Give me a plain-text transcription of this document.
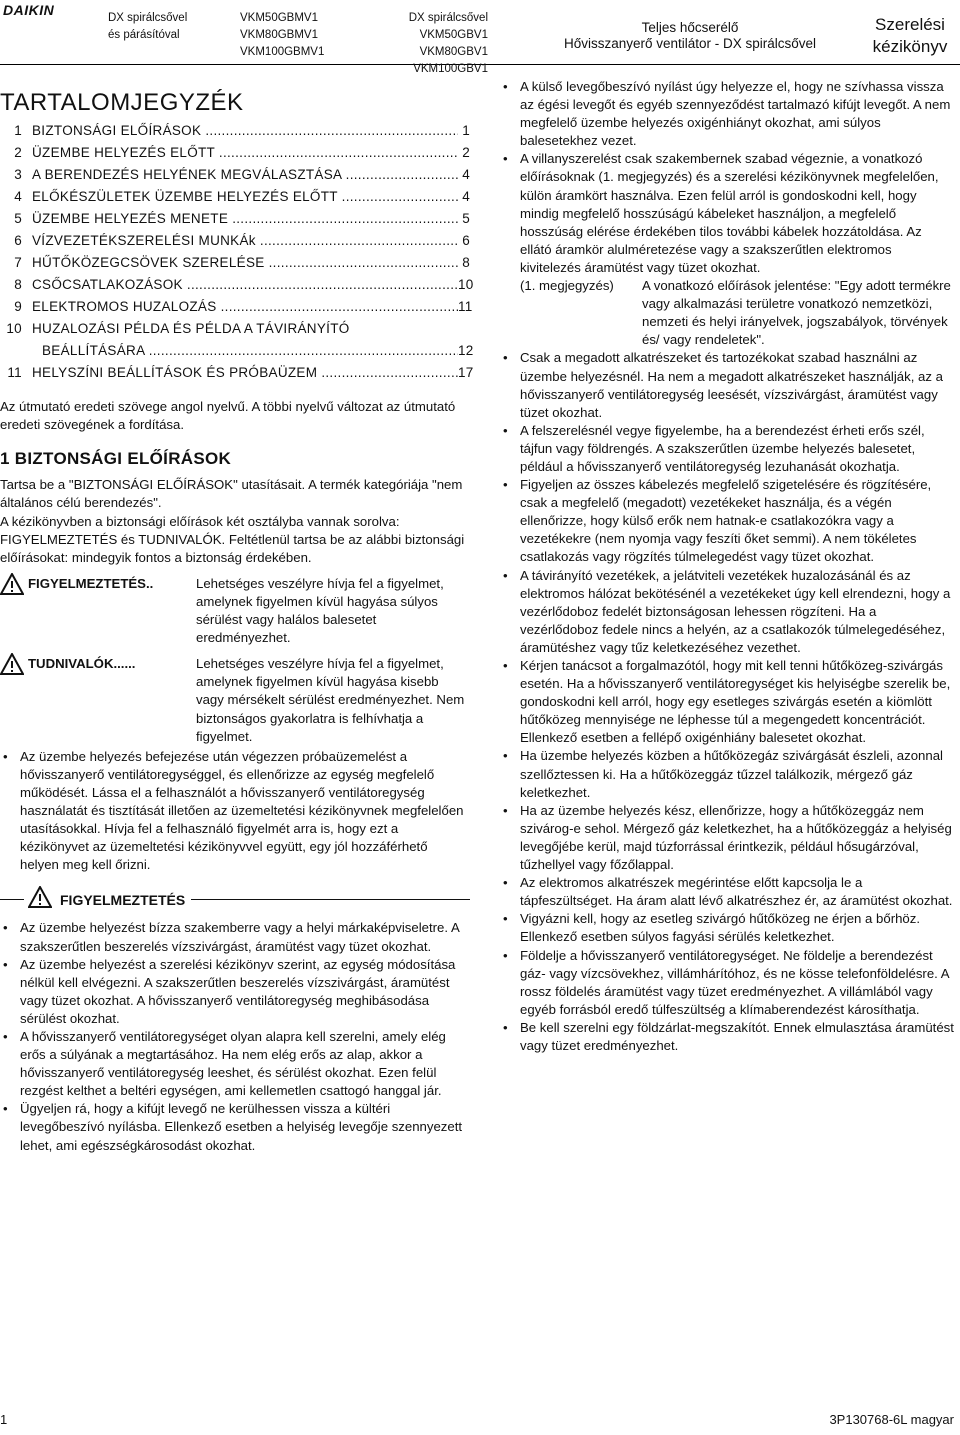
DAIKIN	DX spirálcsővel
és párásítóval
VKM50GBMV1
VKM80GBMV1
VKM100GBMV1
DX spirálcsővel VKM50GBV1
VKM80GBV1
VKM100GBV1
Teljes hőcserélő
Hővisszanyerő ventilátor - DX spirálcsővel
Szerelési
kézikönyv
TARTALOMJEGYZÉK
1 BIZTONSÁGI ELŐÍRÁSOK .....	1
2 ÜZEMBE HELYEZÉS ELŐTT .....	2
3 A BERENDEZÉS HELYÉNEK MEGVÁLASZTÁSA .....	4
4 ELŐKÉSZÜLETEK ÜZEMBE HELYEZÉS ELŐTT .....	4
5 ÜZEMBE HELYEZÉS MENETE .....	5
6 VÍZVEZETÉKSZERELÉSI MUNKÁk .....	6
7 HŰTŐKÖZEGCSÖVEK SZERELÉSE .....	8
8 CSŐCSATLAKOZÁSOK .....	10
9 ELEKTROMOS HUZALOZÁS .....	11
10 HUZALOZÁSI PÉLDA ÉS PÉLDA A TÁVIRÁNYÍTÓ
BEÁLLÍTÁSÁRA .....	12
11 HELYSZÍNI BEÁLLÍTÁSOK ÉS PRÓBAÜZEM .....	17

Az útmutató eredeti szövege angol nyelvű. A többi nyelvű változat az útmutató eredeti szövegének a fordítása.

1 BIZTONSÁGI ELŐÍRÁSOK

Tartsa be a "BIZTONSÁGI ELŐÍRÁSOK" utasításait. A termék kategóriája "nem általános célú berendezés".

A kézikönyvben a biztonsági előírások két osztályba vannak sorolva: FIGYELMEZTETÉS és TUDNIVALÓK. Feltétlenül tartsa be az alábbi biztonsági előírásokat: mindegyik fontos a biztonság érdekében.

FIGYELMEZTETÉS..	Lehetséges veszélyre hívja fel a figyelmet, amelynek figyelmen kívül hagyása súlyos sérülést vagy halálos balesetet eredményezhet.
TUDNIVALÓK......	Lehetséges veszélyre hívja fel a figyelmet, amelynek figyelmen kívül hagyása kisebb vagy mérsékelt sérülést eredményezhet. Nem biztonságos gyakorlatra is felhívhatja a figyelmet.
• Az üzembe helyezés befejezése után végezzen próbaüzemelést a hővisszanyerő ventilátoregységgel, és ellenőrizze az egység megfelelő működését. Lássa el a felhasználót a hővisszanyerő ventilátoregység használatát és tisztítását illetően az üzemeltetési kézikönyvnek megfelelően utasításokkal. Hívja fel a felhasználó figyelmét arra is, hogy ezt a kézikönyvet az üzemeltetési kézikönyvvel együtt, egy jól hozzáférhető helyen meg kell őrizni.
FIGYELMEZTETÉS
• Az üzembe helyezést bízza szakemberre vagy a helyi márkaképviseletre. A szakszerűtlen beszerelés vízszivárgást, áramütést vagy tüzet okozhat.
• Az üzembe helyezést a szerelési kézikönyv szerint, az egység módosítása nélkül kell elvégezni. A szakszerűtlen beszerelés vízszivárgást, áramütést vagy tüzet okozhat. A hővisszanyerő ventilátoregység meghibásodása sérülést okozhat.
• A hővisszanyerő ventilátoregységet olyan alapra kell szerelni, amely elég erős a súlyának a megtartásához. Ha nem elég erős az alap, akkor a hővisszanyerő ventilátoregység leeshet, és sérülést okozhat. Ezen felül rezgést kelthet a beltéri egységen, ami kellemetlen csattogó hanggal jár.
• Ügyeljen rá, hogy a kifújt levegő ne kerülhessen vissza a kültéri levegőbeszívó nyílásba. Ellenkező esetben a helyiség levegője szennyezett lehet, ami egészségkárosodást okozhat.
• A külső levegőbeszívó nyílást úgy helyezze el, hogy ne szívhassa vissza az égési levegőt és egyéb szennyeződést tartalmazó kifújt levegőt. A nem megfelelő üzembe helyezés oxigénhiányt okozhat, ami súlyos balesetekhez vezet.
• A villanyszerelést csak szakembernek szabad végeznie, a vonatkozó előírásoknak (1. megjegyzés) és a szerelési kézikönyvnek megfelelően, külön áramkört használva. Ezen felül arról is gondoskodni kell, hogy mindig megfelelő hosszúságú kábeleket használjon, a megfelelő hosszúság elérése érdekében tilos további kábelek hozzátoldása. Az ellátó áramkör alulméretezése vagy a szakszerűtlen elektromos kivitelezés áramütést vagy tüzet okozhat.
(1. megjegyzés)	A vonatkozó előírások jelentése: "Egy adott termékre vagy alkalmazási területre vonatkozó nemzetközi, nemzeti és helyi irányelvek, jogszabályok, törvények és/ vagy rendeletek".
• Csak a megadott alkatrészeket és tartozékokat szabad használni az üzembe helyezésnél. Ha nem a megadott alkatrészeket használják, az a hővisszanyerő ventilátoregység leesését, vízszivárgást, áramütést vagy tüzet okozhat.
• A felszerelésnél vegye figyelembe, ha a berendezést érheti erős szél, tájfun vagy földrengés. A szakszerűtlen üzembe helyezés balesetet, például a hővisszanyerő ventilátoregység lezuhanását okozhatja.
• Figyeljen az összes kábelezés megfelelő szigetelésére és rögzítésére, csak a megfelelő (megadott) vezetékeket használja, és a végén ellenőrizze, hogy külső erők nem hatnak-e csatlakozókra vagy a vezetékekre (nem nyomja vagy feszíti őket semmi). A nem tökéletes csatlakozás vagy rögzítés túlmelegedést vagy tüzet okozhat.
• A távirányító vezetékek, a jelátviteli vezetékek huzalozásánál és az elektromos hálózat bekötésénél a vezetékeket úgy kell elrendezni, hogy a vezérlődoboz fedelét biztonságosan lehessen rögzíteni. Ha a vezérlődoboz fedele nincs a helyén, az a csatlakozók túlmelegedéséhez, áramütéshez vagy tűz keletkezéséhez vezethet.
• Kérjen tanácsot a forgalmazótól, hogy mit kell tenni hűtőközeg-szivárgás esetén. Ha a hővisszanyerő ventilátoregységet kis helyiségbe szerelik be, gondoskodni kell arról, hogy egy esetleges szivárgás esetén a kiömlött hűtőközeg mennyisége ne léphesse túl a megengedett koncentrációt. Ellenkező esetben a fellépő oxigénhiány balesetet okozhat.
• Ha üzembe helyezés közben a hűtőközegáz szivárgását észleli, azonnal szellőztessen ki. Ha a hűtőközeggáz tűzzel találkozik, mérgező gáz keletkezhet.
• Ha az üzembe helyezés kész, ellenőrizze, hogy a hűtőközeggáz nem szivárog-e sehol. Mérgező gáz keletkezhet, ha a hűtőközeggáz a helyiség levegőjébe kerül, majd túzforrással érintkezik, például hősugárzóval, tűzhellyel vagy főzőlappal.
• Az elektromos alkatrészek megérintése előtt kapcsolja le a tápfeszültséget. Ha áram alatt lévő alkatrészhez ér, az áramütést okozhat.
• Vigyázni kell, hogy az esetleg szivárgó hűtőközeg ne érjen a bőrhöz. Ellenkező esetben súlyos fagyási sérülés keletkezhet.
• Földelje a hővisszanyerő ventilátoregységet. Ne földelje a berendezést gáz- vagy vízcsövekhez, villámhárítóhoz, és ne kösse telefonföldelésre. A rossz földelés áramütést vagy tüzet eredményezhet. A villámlából vagy egyéb forrásból eredő túlfeszültség a klímaberendezést károsíthatja.
• Be kell szerelni egy földzárlat-megszakítót. Ennek elmulasztása áramütést vagy tüzet eredményezhet.
1	3P130768-6L magyar
